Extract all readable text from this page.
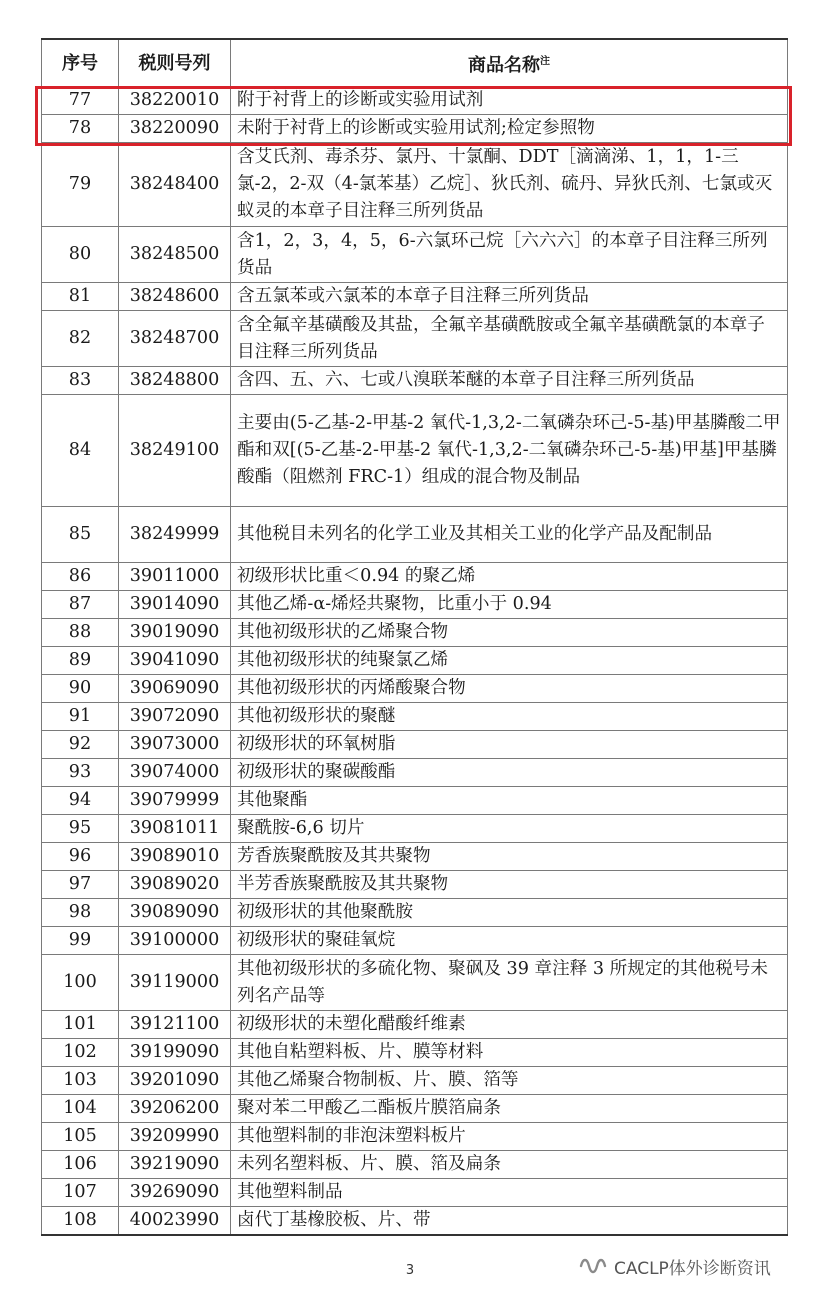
序号	税则号列	商品名称$^注$
77	38220010	附于衬背上的诊断或实验用试剂
78	38220090	未附于衬背上的诊断或实验用试剂;检定参照物
79	38248400	含艾氏剂、毒杀芬、氯丹、十氯酮、DDT［滴滴涕、1，1，1-三氯-2，2-双（4-氯苯基）乙烷］、狄氏剂、硫丹、异狄氏剂、七氯或灭蚁灵的本章子目注释三所列货品
80	38248500	含1，2，3，4，5，6-六氯环己烷［六六六］的本章子目注释三所列货品
81	38248600	含五氯苯或六氯苯的本章子目注释三所列货品
82	38248700	含全氟辛基磺酸及其盐，全氟辛基磺酰胺或全氟辛基磺酰氯的本章子目注释三所列货品
83	38248800	含四、五、六、七或八溴联苯醚的本章子目注释三所列货品
84	38249100	主要由(5-乙基-2-甲基-2 氧代-1,3,2-二氧磷杂环己-5-基)甲基膦酸二甲酯和双[(5-乙基-2-甲基-2 氧代-1,3,2-二氧磷杂环己-5-基)甲基]甲基膦酸酯（阻燃剂 FRC-1）组成的混合物及制品
85	38249999	其他税目未列名的化学工业及其相关工业的化学产品及配制品
86	39011000	初级形状比重＜0.94 的聚乙烯
87	39014090	其他乙烯-α-烯烃共聚物，比重小于 0.94
88	39019090	其他初级形状的乙烯聚合物
89	39041090	其他初级形状的纯聚氯乙烯
90	39069090	其他初级形状的丙烯酸聚合物
91	39072090	其他初级形状的聚醚
92	39073000	初级形状的环氧树脂
93	39074000	初级形状的聚碳酸酯
94	39079999	其他聚酯
95	39081011	聚酰胺-6,6 切片
96	39089010	芳香族聚酰胺及其共聚物
97	39089020	半芳香族聚酰胺及其共聚物
98	39089090	初级形状的其他聚酰胺
99	39100000	初级形状的聚硅氧烷
100	39119000	其他初级形状的多硫化物、聚砜及 39 章注释 3 所规定的其他税号未列名产品等
101	39121100	初级形状的未塑化醋酸纤维素
102	39199090	其他自粘塑料板、片、膜等材料
103	39201090	其他乙烯聚合物制板、片、膜、箔等
104	39206200	聚对苯二甲酸乙二酯板片膜箔扁条
105	39209990	其他塑料制的非泡沫塑料板片
106	39219090	未列名塑料板、片、膜、箔及扁条
107	39269090	其他塑料制品
108	40023990	卤代丁基橡胶板、片、带
3	CACLP体外诊断资讯
